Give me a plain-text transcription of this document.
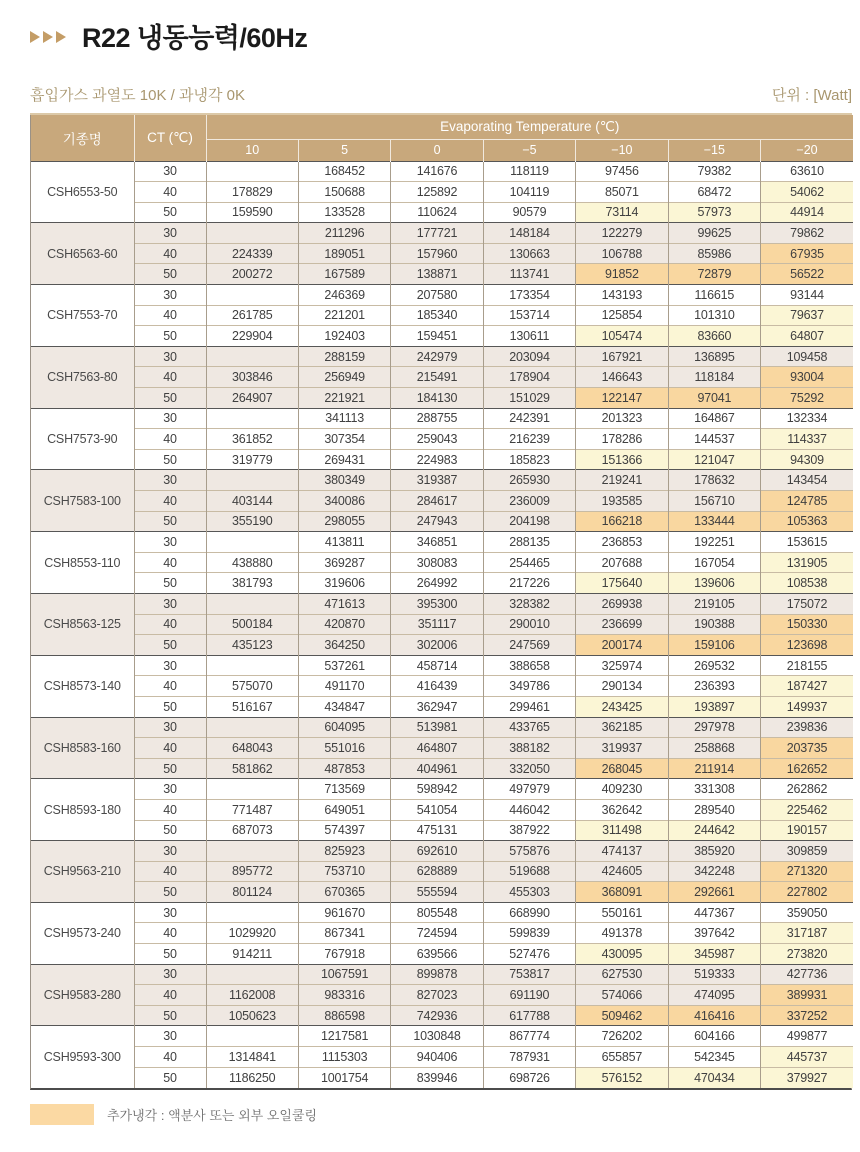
R22 냉동능력/60Hz
흡입가스 과열도 10K / 과냉각 0K	단위 : [Watt]
기종명	CT (℃)	Evaporating Temperature (℃)						
		10	5	0	−5	−10	−15	−20
CSH6553-50	30		168452	141676	118119	97456	79382	63610
	40	178829	150688	125892	104119	85071	68472	54062
	50	159590	133528	110624	90579	73114	57973	44914
CSH6563-60	30		211296	177721	148184	122279	99625	79862
	40	224339	189051	157960	130663	106788	85986	67935
	50	200272	167589	138871	113741	91852	72879	56522
CSH7553-70	30		246369	207580	173354	143193	116615	93144
	40	261785	221201	185340	153714	125854	101310	79637
	50	229904	192403	159451	130611	105474	83660	64807
CSH7563-80	30		288159	242979	203094	167921	136895	109458
	40	303846	256949	215491	178904	146643	118184	93004
	50	264907	221921	184130	151029	122147	97041	75292
CSH7573-90	30		341113	288755	242391	201323	164867	132334
	40	361852	307354	259043	216239	178286	144537	114337
	50	319779	269431	224983	185823	151366	121047	94309
CSH7583-100	30		380349	319387	265930	219241	178632	143454
	40	403144	340086	284617	236009	193585	156710	124785
	50	355190	298055	247943	204198	166218	133444	105363
CSH8553-110	30		413811	346851	288135	236853	192251	153615
	40	438880	369287	308083	254465	207688	167054	131905
	50	381793	319606	264992	217226	175640	139606	108538
CSH8563-125	30		471613	395300	328382	269938	219105	175072
	40	500184	420870	351117	290010	236699	190388	150330
	50	435123	364250	302006	247569	200174	159106	123698
CSH8573-140	30		537261	458714	388658	325974	269532	218155
	40	575070	491170	416439	349786	290134	236393	187427
	50	516167	434847	362947	299461	243425	193897	149937
CSH8583-160	30		604095	513981	433765	362185	297978	239836
	40	648043	551016	464807	388182	319937	258868	203735
	50	581862	487853	404961	332050	268045	211914	162652
CSH8593-180	30		713569	598942	497979	409230	331308	262862
	40	771487	649051	541054	446042	362642	289540	225462
	50	687073	574397	475131	387922	311498	244642	190157
CSH9563-210	30		825923	692610	575876	474137	385920	309859
	40	895772	753710	628889	519688	424605	342248	271320
	50	801124	670365	555594	455303	368091	292661	227802
CSH9573-240	30		961670	805548	668990	550161	447367	359050
	40	1029920	867341	724594	599839	491378	397642	317187
	50	914211	767918	639566	527476	430095	345987	273820
CSH9583-280	30		1067591	899878	753817	627530	519333	427736
	40	1162008	983316	827023	691190	574066	474095	389931
	50	1050623	886598	742936	617788	509462	416416	337252
CSH9593-300	30		1217581	1030848	867774	726202	604166	499877
	40	1314841	1115303	940406	787931	655857	542345	445737
	50	1186250	1001754	839946	698726	576152	470434	379927
추가냉각 : 액분사 또는 외부 오일쿨링
